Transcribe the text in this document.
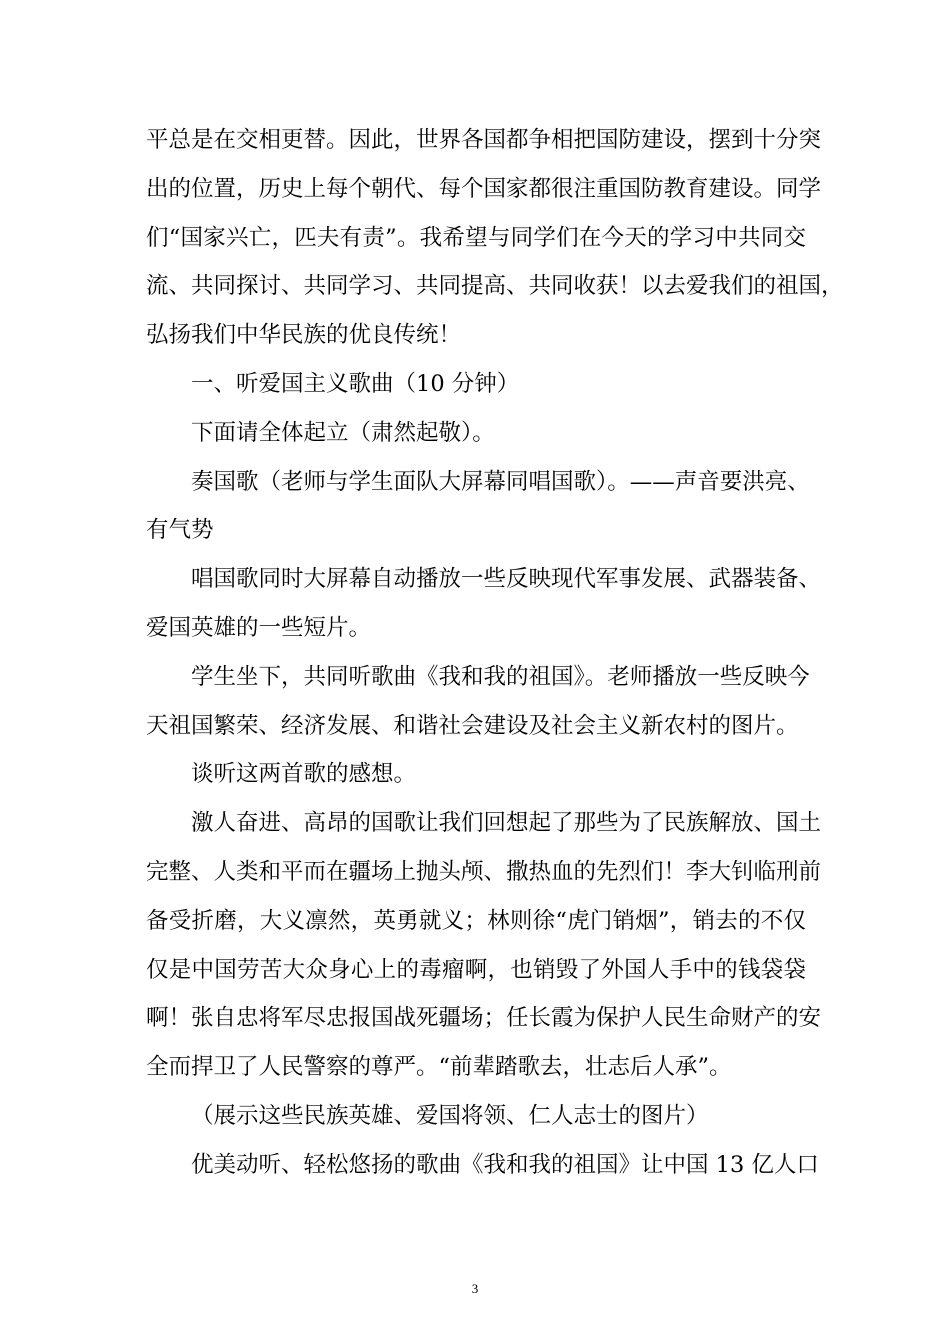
平总是在交相更替。因此，世界各国都争相把国防建设，摆到十分突
出的位置，历史上每个朝代、每个国家都很注重国防教育建设。同学
们“国家兴亡，匹夫有责”。我希望与同学们在今天的学习中共同交
流、共同探讨、共同学习、共同提高、共同收获！以去爱我们的祖国，
弘扬我们中华民族的优良传统！
一、听爱国主义歌曲（10 分钟）
下面请全体起立（肃然起敬）。
奏国歌（老师与学生面队大屏幕同唱国歌）。——声音要洪亮、
有气势
唱国歌同时大屏幕自动播放一些反映现代军事发展、武器装备、
爱国英雄的一些短片。
学生坐下，共同听歌曲《我和我的祖国》。老师播放一些反映今
天祖国繁荣、经济发展、和谐社会建设及社会主义新农村的图片。
谈听这两首歌的感想。
激人奋进、高昂的国歌让我们回想起了那些为了民族解放、国土
完整、人类和平而在疆场上抛头颅、撒热血的先烈们！李大钊临刑前
备受折磨，大义凛然，英勇就义；林则徐“虎门销烟”，销去的不仅
仅是中国劳苦大众身心上的毒瘤啊，也销毁了外国人手中的钱袋袋
啊！张自忠将军尽忠报国战死疆场；任长霞为保护人民生命财产的安
全而捍卫了人民警察的尊严。“前辈踏歌去，壮志后人承”。
（展示这些民族英雄、爱国将领、仁人志士的图片）
优美动听、轻松悠扬的歌曲《我和我的祖国》让中国 13 亿人口
3
